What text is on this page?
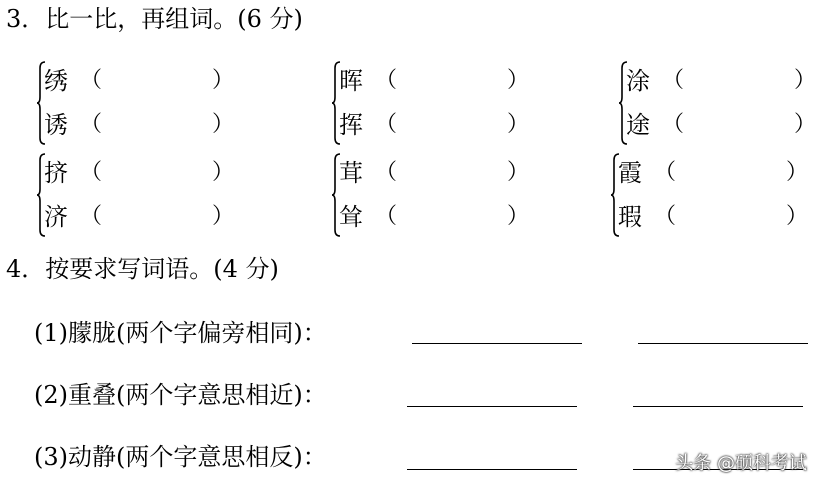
3．比一比，再组词。(6 分)
绣 （	）
诱 （	）
晖 （	）
挥 （	）
涂 （	）
途 （	）
挤 （	）
济 （	）
茸 （	）
耸 （	）
霞 （	）
瑕 （	）
4．按要求写词语。(4 分)
(1)朦胧(两个字偏旁相同)：
(2)重叠(两个字意思相近)：
(3)动静(两个字意思相反)：	头条 @硕科考试
